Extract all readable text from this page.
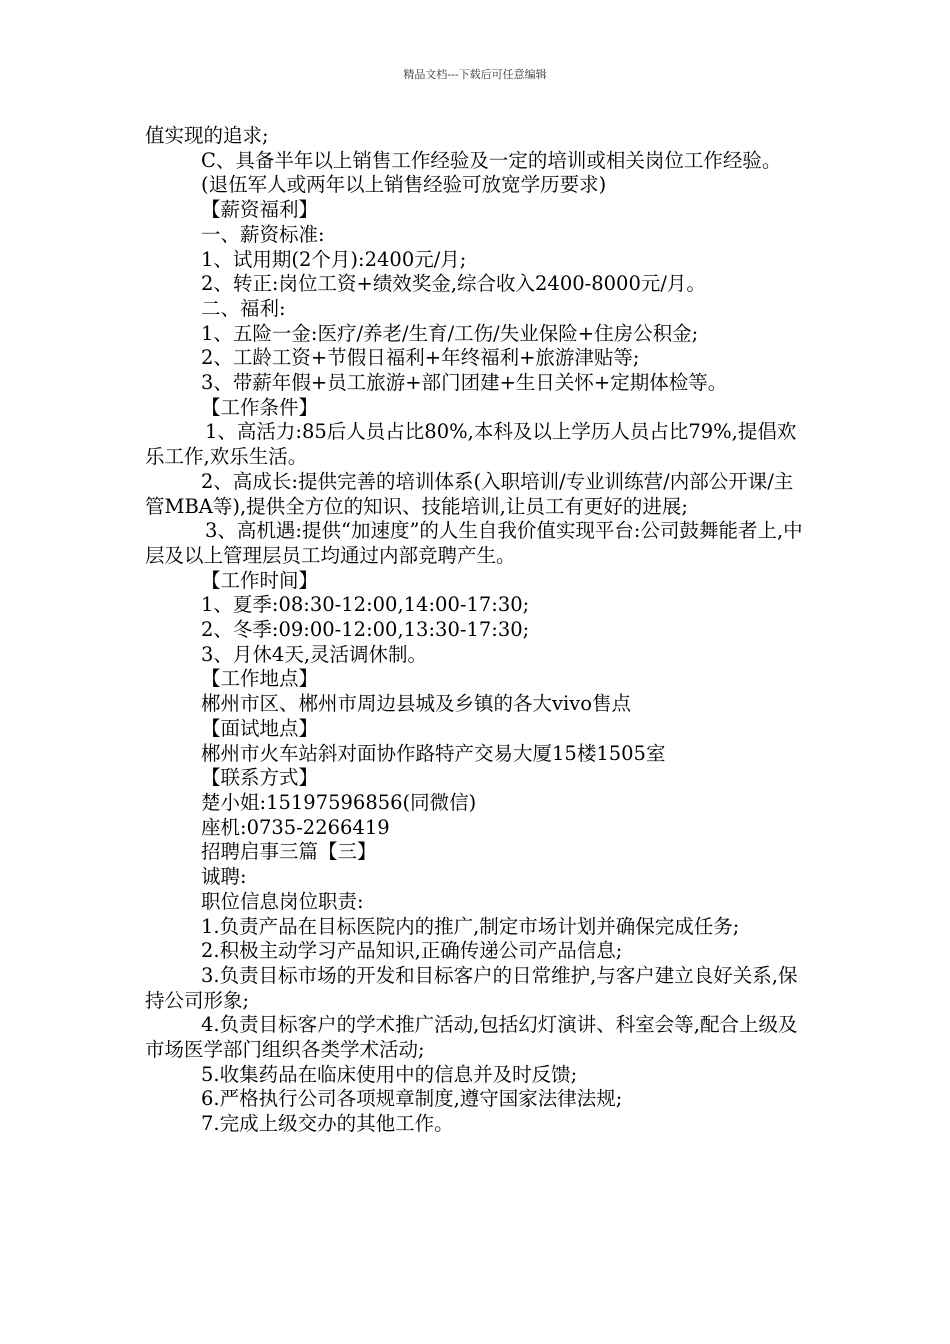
精品文档---下载后可任意编辑

值实现的追求;

C、具备半年以上销售工作经验及一定的培训或相关岗位工作经验。

(退伍军人或两年以上销售经验可放宽学历要求)

【薪资福利】

一、薪资标准:

1、试用期(2个月):2400元/月;

2、转正:岗位工资+绩效奖金,综合收入2400-8000元/月。

二、福利:

1、五险一金:医疗/养老/生育/工伤/失业保险+住房公积金;

2、工龄工资+节假日福利+年终福利+旅游津贴等;

3、带薪年假+员工旅游+部门团建+生日关怀+定期体检等。

【工作条件】

1、高活力:85后人员占比80%,本科及以上学历人员占比79%,提倡欢乐工作,欢乐生活。

2、高成长:提供完善的培训体系(入职培训/专业训练营/内部公开课/主管MBA等),提供全方位的知识、技能培训,让员工有更好的进展;

3、高机遇:提供“加速度”的人生自我价值实现平台:公司鼓舞能者上,中层及以上管理层员工均通过内部竞聘产生。

【工作时间】

1、夏季:08:30-12:00,14:00-17:30;

2、冬季:09:00-12:00,13:30-17:30;

3、月休4天,灵活调休制。

【工作地点】

郴州市区、郴州市周边县城及乡镇的各大vivo售点

【面试地点】

郴州市火车站斜对面协作路特产交易大厦15楼1505室

【联系方式】

楚小姐:15197596856(同微信)

座机:0735-2266419

招聘启事三篇【三】

诚聘:

职位信息岗位职责:

1.负责产品在目标医院内的推广,制定市场计划并确保完成任务;

2.积极主动学习产品知识,正确传递公司产品信息;

3.负责目标市场的开发和目标客户的日常维护,与客户建立良好关系,保持公司形象;

4.负责目标客户的学术推广活动,包括幻灯演讲、科室会等,配合上级及市场医学部门组织各类学术活动;

5.收集药品在临床使用中的信息并及时反馈;

6.严格执行公司各项规章制度,遵守国家法律法规;

7.完成上级交办的其他工作。
